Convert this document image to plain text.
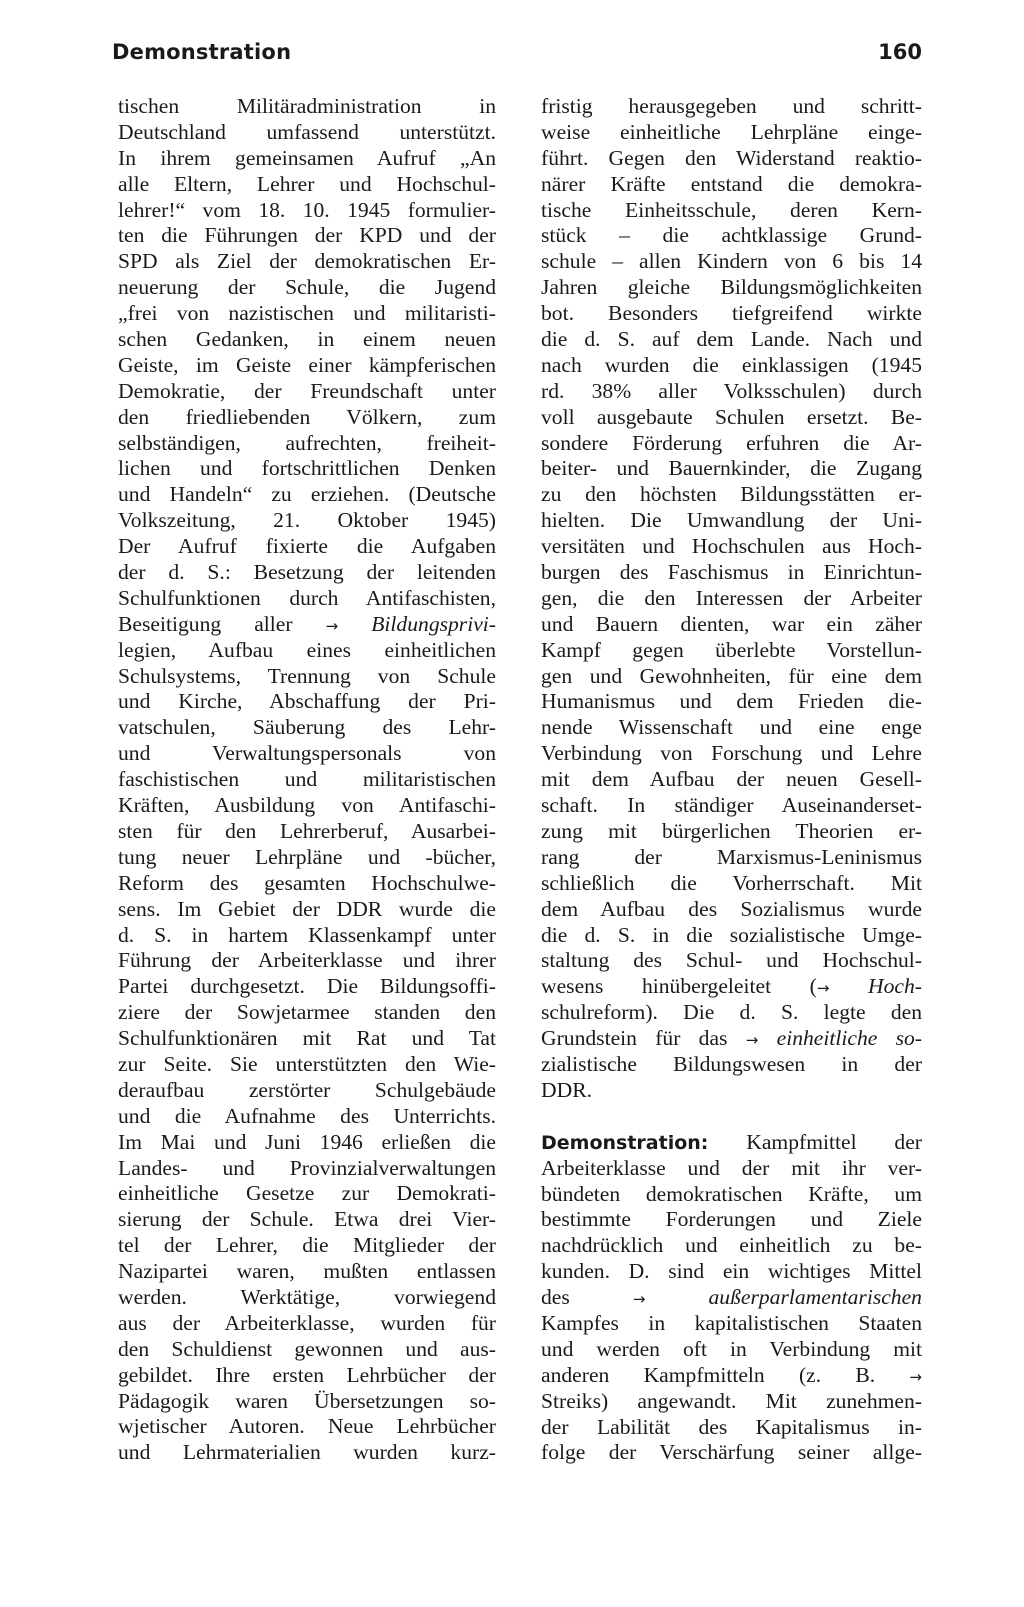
Demonstration	160
tischen Militäradministration in
Deutschland umfassend unterstützt.
In ihrem gemeinsamen Aufruf „An
alle Eltern, Lehrer und Hochschul-
lehrer!“ vom 18. 10. 1945 formulier-
ten die Führungen der KPD und der
SPD als Ziel der demokratischen Er-
neuerung der Schule, die Jugend
„frei von nazistischen und militaristi-
schen Gedanken, in einem neuen
Geiste, im Geiste einer kämpferischen
Demokratie, der Freundschaft unter
den friedliebenden Völkern, zum
selbständigen, aufrechten, freiheit-
lichen und fortschrittlichen Denken
und Handeln“ zu erziehen. (Deutsche
Volkszeitung, 21. Oktober 1945)
Der Aufruf fixierte die Aufgaben
der d. S.: Besetzung der leitenden
Schulfunktionen durch Antifaschisten,
Beseitigung aller → Bildungsprivi-
legien, Aufbau eines einheitlichen
Schulsystems, Trennung von Schule
und Kirche, Abschaffung der Pri-
vatschulen, Säuberung des Lehr-
und Verwaltungspersonals von
faschistischen und militaristischen
Kräften, Ausbildung von Antifaschi-
sten für den Lehrerberuf, Ausarbei-
tung neuer Lehrpläne und -bücher,
Reform des gesamten Hochschulwe-
sens. Im Gebiet der DDR wurde die
d. S. in hartem Klassenkampf unter
Führung der Arbeiterklasse und ihrer
Partei durchgesetzt. Die Bildungsoffi-
ziere der Sowjetarmee standen den
Schulfunktionären mit Rat und Tat
zur Seite. Sie unterstützten den Wie-
deraufbau zerstörter Schulgebäude
und die Aufnahme des Unterrichts.
Im Mai und Juni 1946 erließen die
Landes- und Provinzialverwaltungen
einheitliche Gesetze zur Demokrati-
sierung der Schule. Etwa drei Vier-
tel der Lehrer, die Mitglieder der
Nazipartei waren, mußten entlassen
werden. Werktätige, vorwiegend
aus der Arbeiterklasse, wurden für
den Schuldienst gewonnen und aus-
gebildet. Ihre ersten Lehrbücher der
Pädagogik waren Übersetzungen so-
wjetischer Autoren. Neue Lehrbücher
und Lehrmaterialien wurden kurz-
fristig herausgegeben und schritt-
weise einheitliche Lehrpläne einge-
führt. Gegen den Widerstand reaktio-
närer Kräfte entstand die demokra-
tische Einheitsschule, deren Kern-
stück – die achtklassige Grund-
schule – allen Kindern von 6 bis 14
Jahren gleiche Bildungsmöglichkeiten
bot. Besonders tiefgreifend wirkte
die d. S. auf dem Lande. Nach und
nach wurden die einklassigen (1945
rd. 38% aller Volksschulen) durch
voll ausgebaute Schulen ersetzt. Be-
sondere Förderung erfuhren die Ar-
beiter- und Bauernkinder, die Zugang
zu den höchsten Bildungsstätten er-
hielten. Die Umwandlung der Uni-
versitäten und Hochschulen aus Hoch-
burgen des Faschismus in Einrichtun-
gen, die den Interessen der Arbeiter
und Bauern dienten, war ein zäher
Kampf gegen überlebte Vorstellun-
gen und Gewohnheiten, für eine dem
Humanismus und dem Frieden die-
nende Wissenschaft und eine enge
Verbindung von Forschung und Lehre
mit dem Aufbau der neuen Gesell-
schaft. In ständiger Auseinanderset-
zung mit bürgerlichen Theorien er-
rang der Marxismus-Leninismus
schließlich die Vorherrschaft. Mit
dem Aufbau des Sozialismus wurde
die d. S. in die sozialistische Umge-
staltung des Schul- und Hochschul-
wesens hinübergeleitet (→ Hoch-
schulreform). Die d. S. legte den
Grundstein für das → einheitliche so-
zialistische Bildungswesen in der
DDR.
Demonstration: Kampfmittel der
Arbeiterklasse und der mit ihr ver-
bündeten demokratischen Kräfte, um
bestimmte Forderungen und Ziele
nachdrücklich und einheitlich zu be-
kunden. D. sind ein wichtiges Mittel
des	→	außerparlamentarischen
Kampfes in kapitalistischen Staaten
und werden oft in Verbindung mit
anderen Kampfmitteln (z. B. →
Streiks) angewandt. Mit zunehmen-
der Labilität des Kapitalismus in-
folge der Verschärfung seiner allge-
